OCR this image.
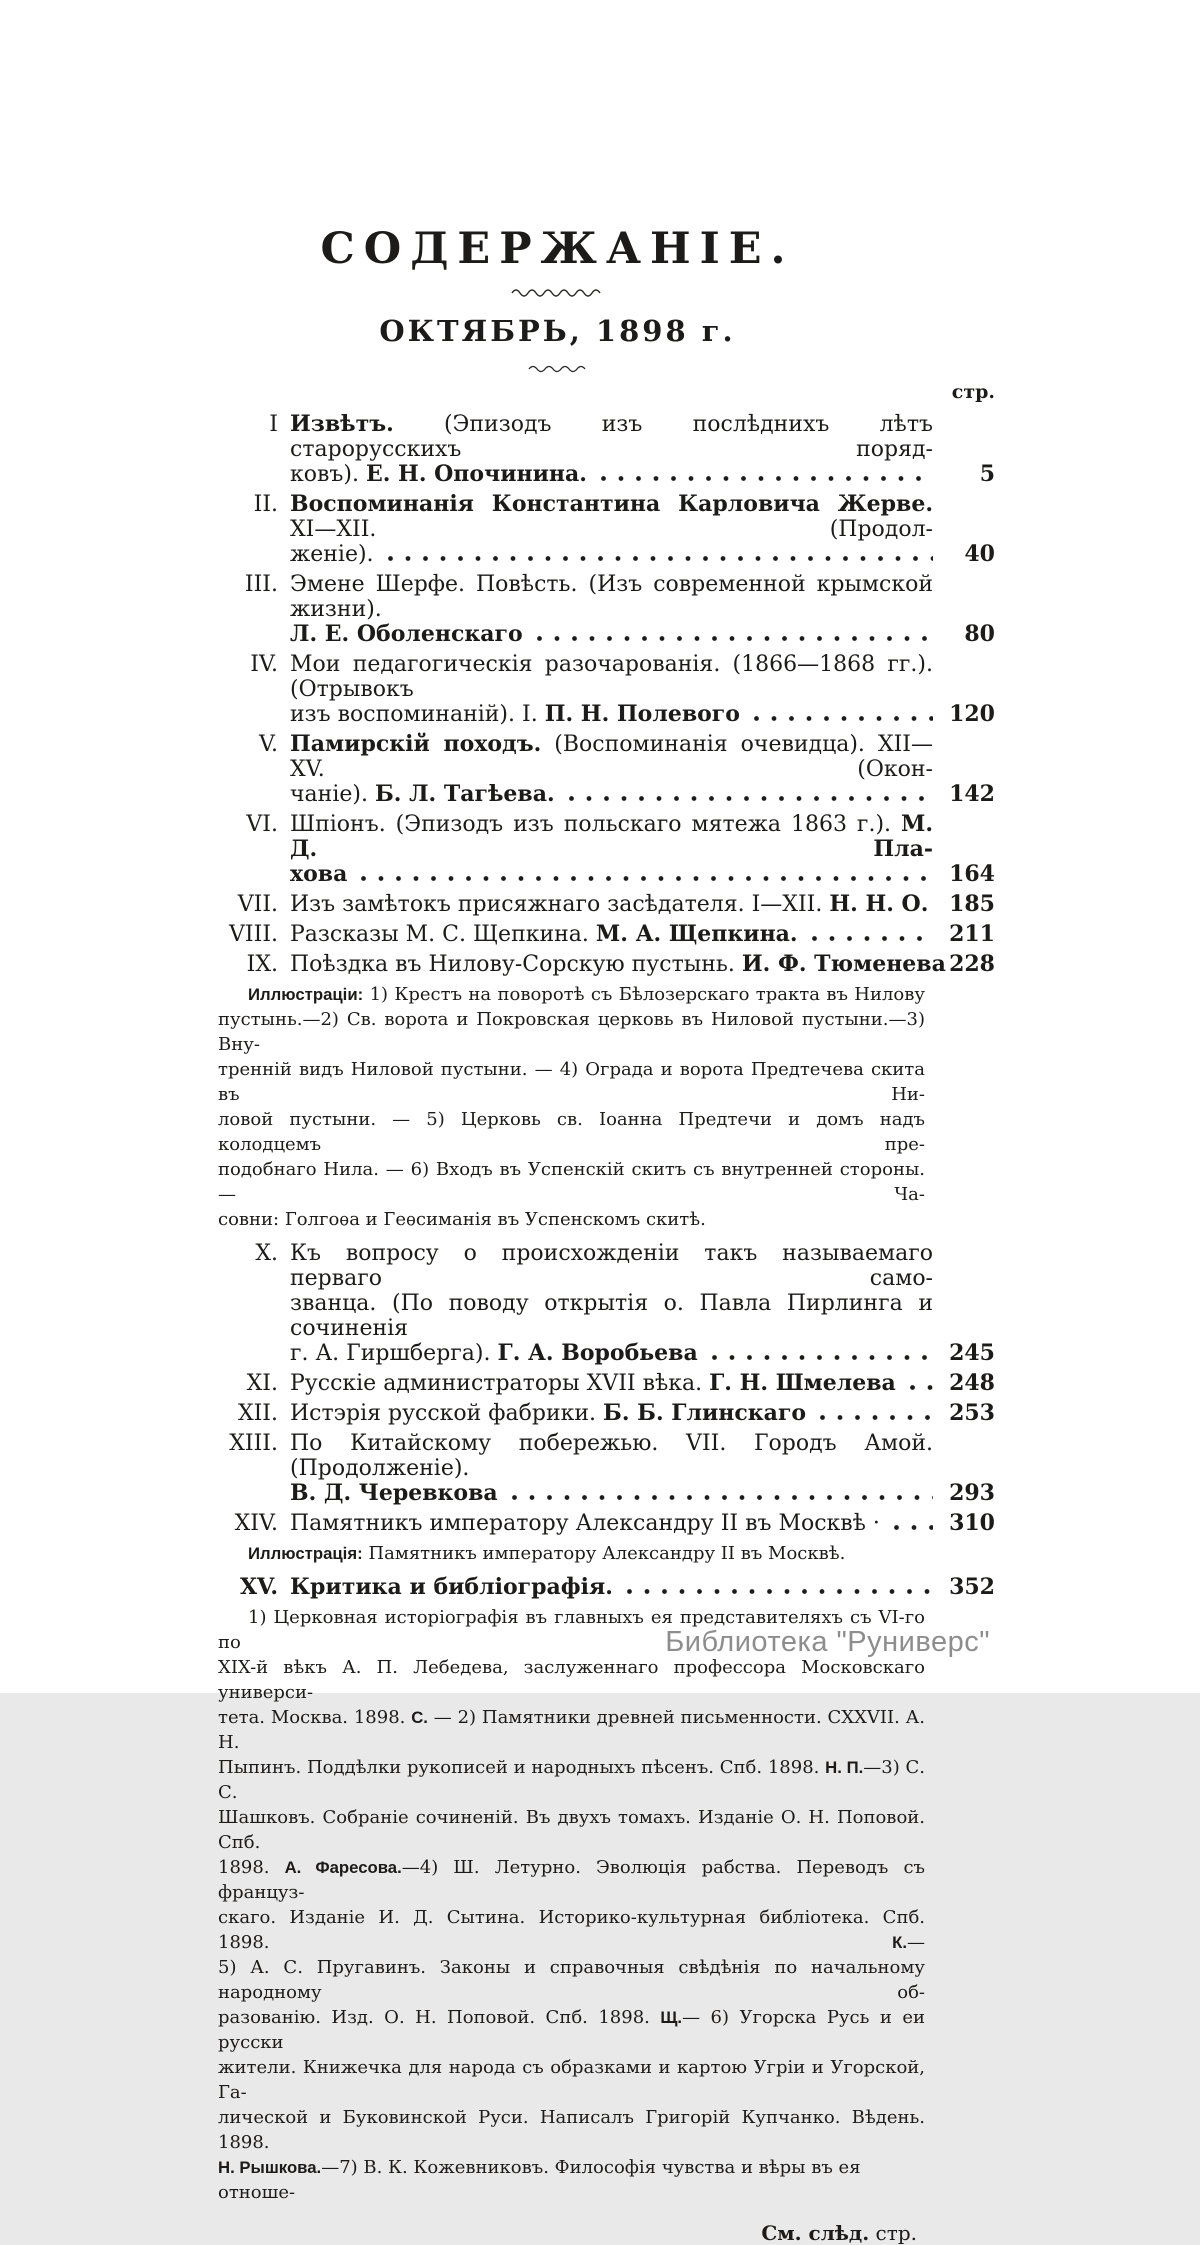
СОДЕРЖАНІЕ.
ОКТЯБРЬ, 1898 г.
стр.
I Извѣтъ. (Эпизодъ изъ послѣднихъ лѣтъ старорусскихъ поряд-
ковъ). Е. Н. Опочинина.	5
II. Воспоминанія Константина Карловича Жерве. XI—XII. (Продол-
женіе).	40
III. Эмене Шерфе. Повѣсть. (Изъ современной крымской жизни).
Л. Е. Оболенскаго	80
IV. Мои педагогическія разочарованія. (1866—1868 гг.). (Отрывокъ
изъ воспоминаній). I. П. Н. Полевого	120
V. Памирскій походъ. (Воспоминанія очевидца). XII—XV. (Окон-
чаніе). Б. Л. Тагѣева.	142
VI. Шпіонъ. (Эпизодъ изъ польскаго мятежа 1863 г.). М. Д. Пла-
хова	164
VII. Изъ замѣтокъ присяжнаго засѣдателя. I—XII. Н. Н. О. 185
VIII. Разсказы М. С. Щепкина. М. А. Щепкина.	211
IX. Поѣздка въ Нилову-Сорскую пустынь. И. Ф. Тюменева 228
Иллюстраціи: 1) Крестъ на поворотѣ съ Бѣлозерскаго тракта въ Нилову
пустынь.—2) Св. ворота и Покровская церковь въ Ниловой пустыни.—3) Вну-
тренній видъ Ниловой пустыни. — 4) Ограда и ворота Предтечева скита въ Ни-
ловой пустыни. — 5) Церковь св. Іоанна Предтечи и домъ надъ колодцемъ пре-
подобнаго Нила. — 6) Входъ въ Успенскій скитъ съ внутренней стороны.— Ча-
совни: Голгоѳа и Геѳсиманія въ Успенскомъ скитѣ.
X. Къ вопросу о происхожденіи такъ называемаго перваго само-
званца. (По поводу открытія о. Павла Пирлинга и сочиненія
г. А. Гиршберга). Г. А. Воробьева	245
XI. Русскіе администраторы XVII вѣка. Г. Н. Шмелева	248
XII. Истэрія русской фабрики. Б. Б. Глинскаго	253
XIII. По Китайскому побережью. VII. Городъ Амой. (Продолженіе).
В. Д. Черевкова	293
XIV. Памятникъ императору Александру II въ Москвѣ ·	310
Иллюстрація: Памятникъ императору Александру II въ Москвѣ.
XV. Критика и библіографія.	352
1) Церковная исторіографія въ главныхъ ея представителяхъ съ VI-го по
XIX-й вѣкъ А. П. Лебедева, заслуженнаго профессора Московскаго универси-
тета. Москва. 1898. С. — 2) Памятники древней письменности. CXXVII. А. Н.
Пыпинъ. Поддѣлки рукописей и народныхъ пѣсенъ. Спб. 1898. Н. П.—3) С. С.
Шашковъ. Собраніе сочиненій. Въ двухъ томахъ. Изданіе О. Н. Поповой. Спб.
1898. А. Фаресова.—4) Ш. Летурно. Эволюція рабства. Переводъ съ француз-
скаго. Изданіе И. Д. Сытина. Историко-культурная библіотека. Спб. 1898. К.—
5) А. С. Пругавинъ. Законы и справочныя свѣдѣнія по начальному народному об-
разованію. Изд. О. Н. Поповой. Спб. 1898. Щ.— 6) Угорска Русь и еи русски
жители. Книжечка для народа съ образками и картою Угріи и Угорской, Га-
лической и Буковинской Руси. Написалъ Григорій Купчанко. Вѣдень. 1898.
Н. Рышкова.—7) В. К. Кожевниковъ. Философія чувства и вѣры въ ея отноше-
См. слѣд. стр.
Библиотека "Руниверс"
